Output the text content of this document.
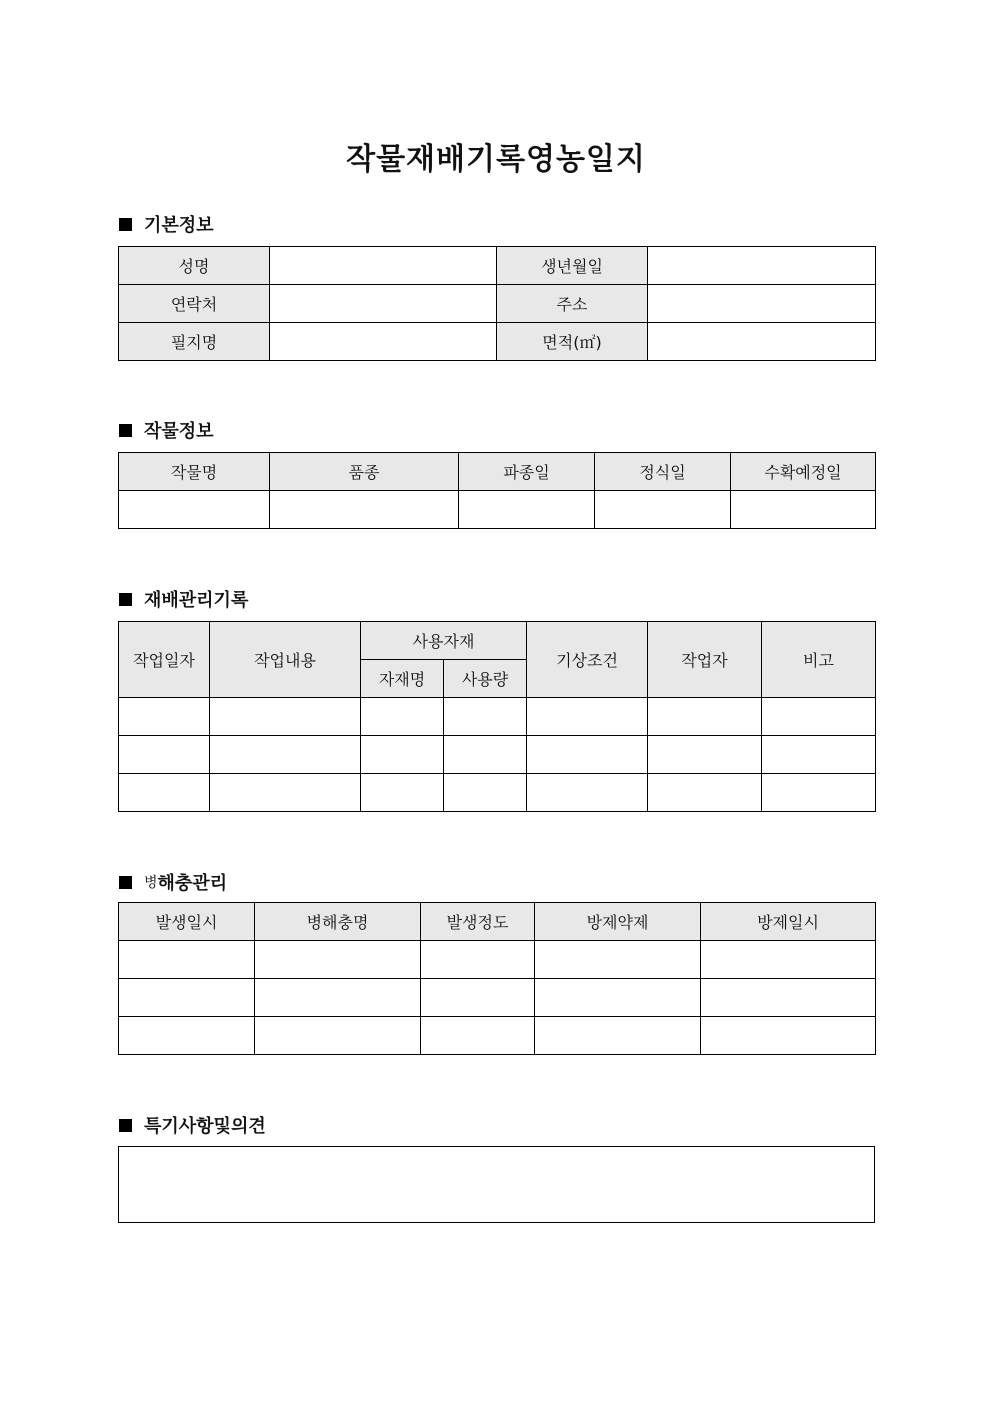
작물재배기록영농일지
기본정보
성명		생년월일	
연락처		주소	
필지명		면적(㎡)	
작물정보
작물명	품종	파종일	정식일	수확예정일

재배관리기록
작업일자	작업내용	사용자재		기상조건	작업자	비고
		자재명	사용량			

병 해충관리
발생일시	병해충명	발생정도	방제약제	방제일시

특기사항및의견
